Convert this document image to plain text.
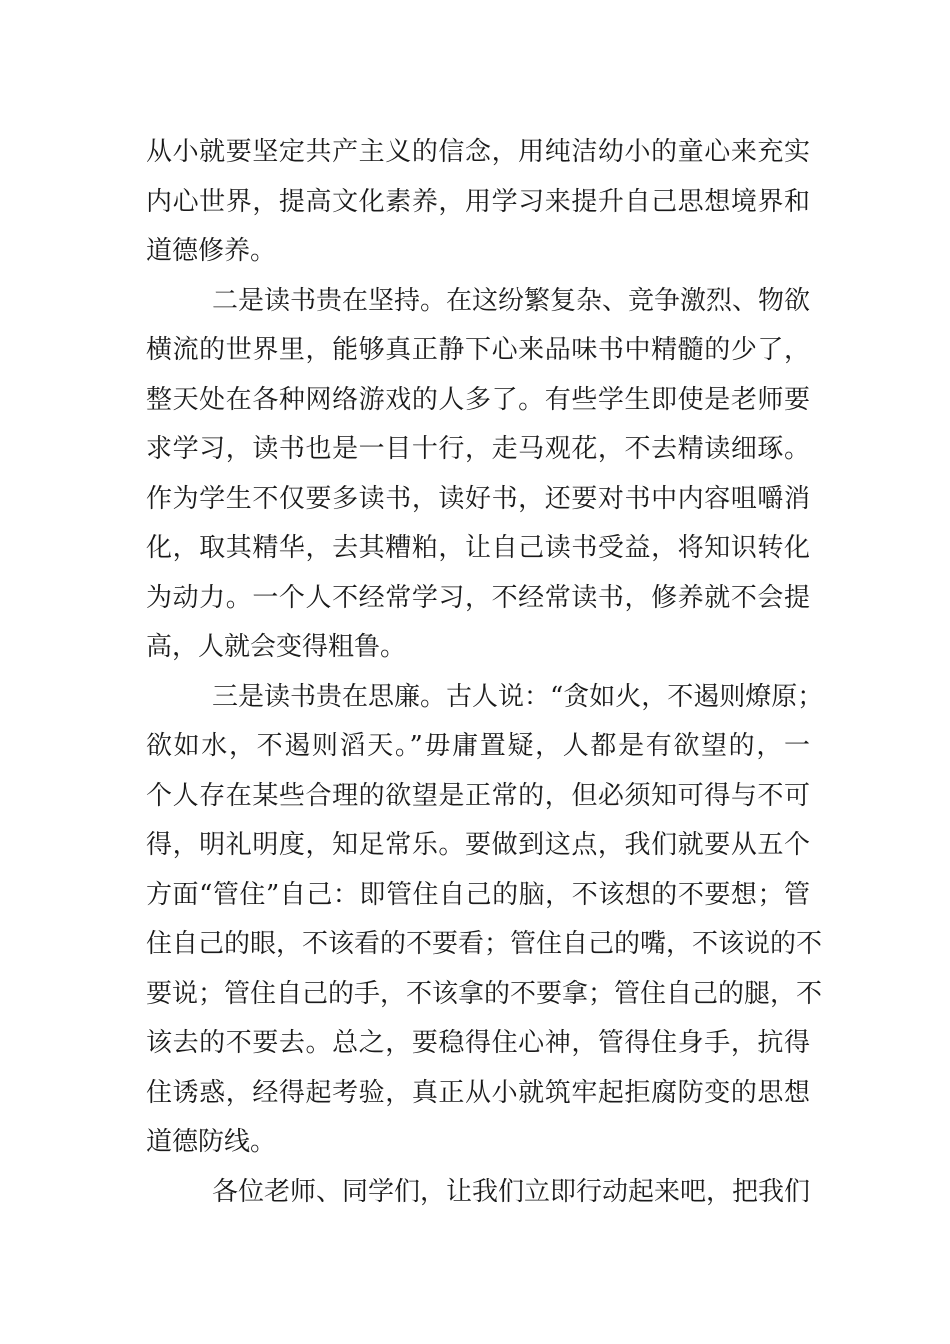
从小就要坚定共产主义的信念，用纯洁幼小的童心来充实
内心世界，提高文化素养，用学习来提升自己思想境界和
道德修养。
二是读书贵在坚持。在这纷繁复杂、竞争激烈、物欲
横流的世界里，能够真正静下心来品味书中精髓的少了，
整天处在各种网络游戏的人多了。有些学生即使是老师要
求学习，读书也是一目十行，走马观花，不去精读细琢。
作为学生不仅要多读书，读好书，还要对书中内容咀嚼消
化，取其精华，去其糟粕，让自己读书受益，将知识转化
为动力。一个人不经常学习，不经常读书，修养就不会提
高，人就会变得粗鲁。
三是读书贵在思廉。古人说：“贪如火，不遏则燎原；
欲如水，不遏则滔天。”毋庸置疑，人都是有欲望的，一
个人存在某些合理的欲望是正常的，但必须知可得与不可
得，明礼明度，知足常乐。要做到这点，我们就要从五个
方面“管住”自己：即管住自己的脑，不该想的不要想；管
住自己的眼，不该看的不要看；管住自己的嘴，不该说的不
要说；管住自己的手，不该拿的不要拿；管住自己的腿，不
该去的不要去。总之，要稳得住心神，管得住身手，抗得
住诱惑，经得起考验，真正从小就筑牢起拒腐防变的思想
道德防线。
各位老师、同学们，让我们立即行动起来吧，把我们
